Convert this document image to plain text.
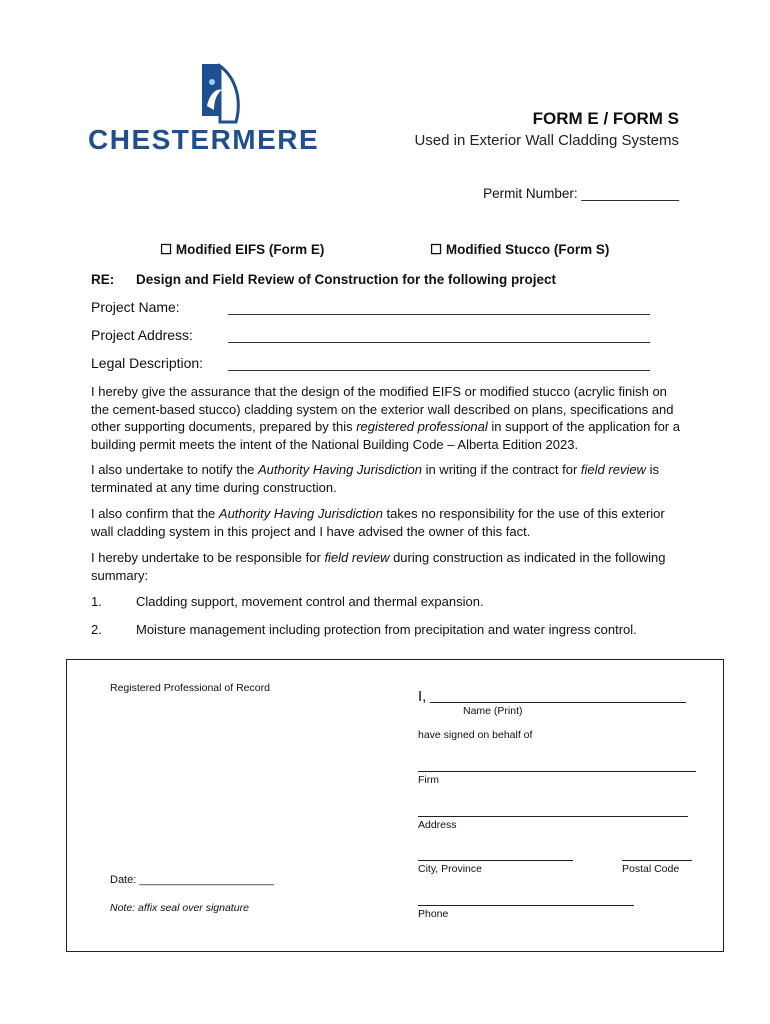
CHESTERMERE
FORM E / FORM S
Used in Exterior Wall Cladding Systems
Permit Number: _____________
☐ Modified EIFS (Form E)	☐ Modified Stucco (Form S)
RE: Design and Field Review of Construction for the following project
Project Name:
Project Address:
Legal Description:
I hereby give the assurance that the design of the modified EIFS or modified stucco (acrylic finish on the cement-based stucco) cladding system on the exterior wall described on plans, specifications and other supporting documents, prepared by this registered professional in support of the application for a building permit meets the intent of the National Building Code – Alberta Edition 2023.
I also undertake to notify the Authority Having Jurisdiction in writing if the contract for field review is terminated at any time during construction.
I also confirm that the Authority Having Jurisdiction takes no responsibility for the use of this exterior wall cladding system in this project and I have advised the owner of this fact.
I hereby undertake to be responsible for field review during construction as indicated in the following summary:
1.	Cladding support, movement control and thermal expansion.
2.	Moisture management including protection from precipitation and water ingress control.
Registered Professional of Record	I,
Name (Print)
have signed on behalf of
Firm
Address
City, Province	Postal Code
Phone
Date: ______________________
Note: affix seal over signature
